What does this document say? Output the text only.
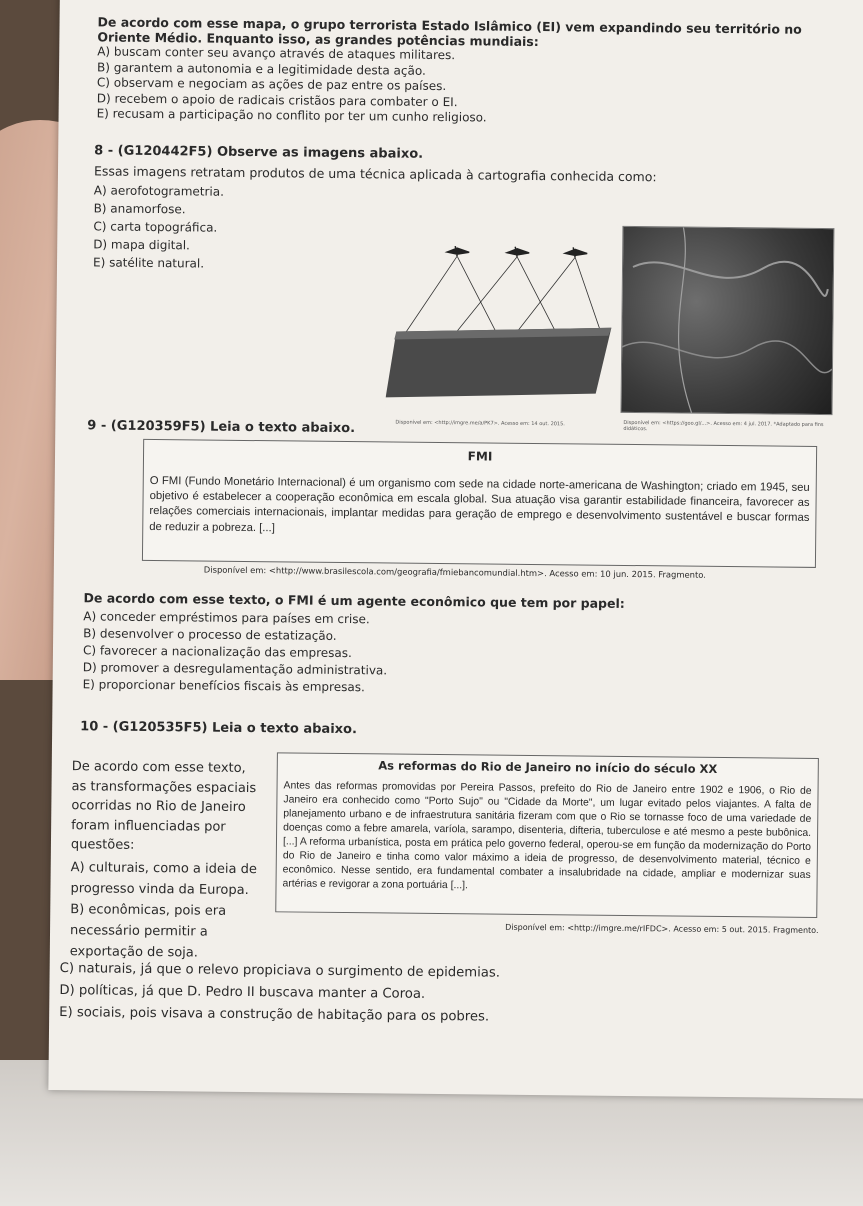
De acordo com esse mapa, o grupo terrorista Estado Islâmico (EI) vem expandindo seu território no Oriente Médio. Enquanto isso, as grandes potências mundiais:
A) buscam conter seu avanço através de ataques militares.
B) garantem a autonomia e a legitimidade desta ação.
C) observam e negociam as ações de paz entre os países.
D) recebem o apoio de radicais cristãos para combater o EI.
E) recusam a participação no conflito por ter um cunho religioso.
8 - (G120442F5) Observe as imagens abaixo.
Essas imagens retratam produtos de uma técnica aplicada à cartografia conhecida como:
A) aerofotogrametria.
B) anamorfose.
C) carta topográfica.
D) mapa digital.
E) satélite natural.
Disponível em: <http://imgre.me/a/PK7>. Acesso em: 14 out. 2015.	Disponível em: <https://goo.gl/...>. Acesso em: 4 jul. 2017. *Adaptado para fins didáticos.
9 - (G120359F5) Leia o texto abaixo.
FMI
O FMI (Fundo Monetário Internacional) é um organismo com sede na cidade norte-americana de Washington; criado em 1945, seu objetivo é estabelecer a cooperação econômica em escala global. Sua atuação visa garantir estabilidade financeira, favorecer as relações comerciais internacionais, implantar medidas para geração de emprego e desenvolvimento sustentável e buscar formas de reduzir a pobreza. [...]
Disponível em: <http://www.brasilescola.com/geografia/fmiebancomundial.htm>. Acesso em: 10 jun. 2015. Fragmento.
De acordo com esse texto, o FMI é um agente econômico que tem por papel:
A) conceder empréstimos para países em crise.
B) desenvolver o processo de estatização.
C) favorecer a nacionalização das empresas.
D) promover a desregulamentação administrativa.
E) proporcionar benefícios fiscais às empresas.
10 - (G120535F5) Leia o texto abaixo.
De acordo com esse texto,
as transformações espaciais
ocorridas no Rio de Janeiro
foram influenciadas por
questões:
A) culturais, como a ideia de
progresso vinda da Europa.
B) econômicas, pois era
necessário permitir a
exportação de soja.
As reformas do Rio de Janeiro no início do século XX
Antes das reformas promovidas por Pereira Passos, prefeito do Rio de Janeiro entre 1902 e 1906, o Rio de Janeiro era conhecido como "Porto Sujo" ou "Cidade da Morte", um lugar evitado pelos viajantes. A falta de planejamento urbano e de infraestrutura sanitária fizeram com que o Rio se tornasse foco de uma variedade de doenças como a febre amarela, varíola, sarampo, disenteria, difteria, tuberculose e até mesmo a peste bubônica. [...] A reforma urbanística, posta em prática pelo governo federal, operou-se em função da modernização do Porto do Rio de Janeiro e tinha como valor máximo a ideia de progresso, de desenvolvimento material, técnico e econômico. Nesse sentido, era fundamental combater a insalubridade na cidade, ampliar e modernizar suas artérias e revigorar a zona portuária [...].
Disponível em: <http://imgre.me/rIFDC>. Acesso em: 5 out. 2015. Fragmento.
C) naturais, já que o relevo propiciava o surgimento de epidemias.
D) políticas, já que D. Pedro II buscava manter a Coroa.
E) sociais, pois visava a construção de habitação para os pobres.
